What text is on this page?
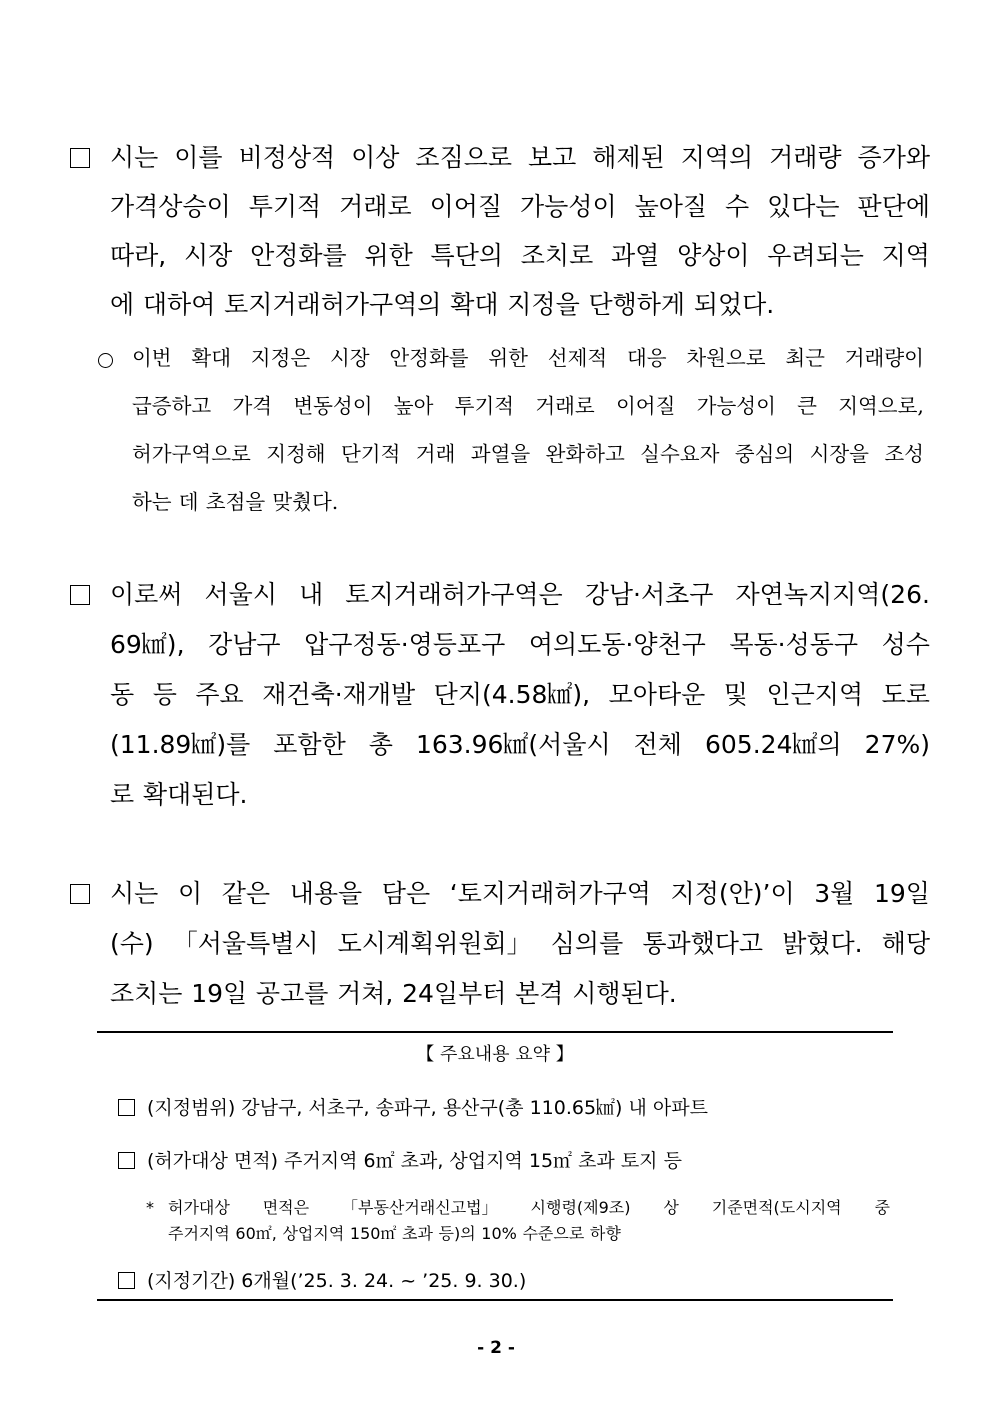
시는 이를 비정상적 이상 조짐으로 보고 해제된 지역의 거래량 증가와
가격상승이 투기적 거래로 이어질 가능성이 높아질 수 있다는 판단에
따라, 시장 안정화를 위한 특단의 조치로 과열 양상이 우려되는 지역
에 대하여 토지거래허가구역의 확대 지정을 단행하게 되었다.
이번 확대 지정은 시장 안정화를 위한 선제적 대응 차원으로 최근 거래량이
급증하고 가격 변동성이 높아 투기적 거래로 이어질 가능성이 큰 지역으로,
허가구역으로 지정해 단기적 거래 과열을 완화하고 실수요자 중심의 시장을 조성
하는 데 초점을 맞췄다.
이로써 서울시 내 토지거래허가구역은 강남·서초구 자연녹지지역(26.
69㎢), 강남구 압구정동·영등포구 여의도동·양천구 목동·성동구 성수
동 등 주요 재건축·재개발 단지(4.58㎢), 모아타운 및 인근지역 도로
(11.89㎢)를 포함한 총 163.96㎢(서울시 전체 605.24㎢의 27%)
로 확대된다.
시는 이 같은 내용을 담은 ‘토지거래허가구역 지정(안)’이 3월 19일
(수) 「서울특별시 도시계획위원회」 심의를 통과했다고 밝혔다. 해당
조치는 19일 공고를 거쳐, 24일부터 본격 시행된다.
【 주요내용 요약 】
(지정범위) 강남구, 서초구, 송파구, 용산구(총 110.65㎢) 내 아파트
(허가대상 면적) 주거지역 6㎡ 초과, 상업지역 15㎡ 초과 토지 등
* 허가대상 면적은 「부동산거래신고법」 시행령(제9조) 상 기준면적(도시지역 중
주거지역 60㎡, 상업지역 150㎡ 초과 등)의 10% 수준으로 하향
(지정기간) 6개월(’25. 3. 24. ~ ’25. 9. 30.)
- 2 -
